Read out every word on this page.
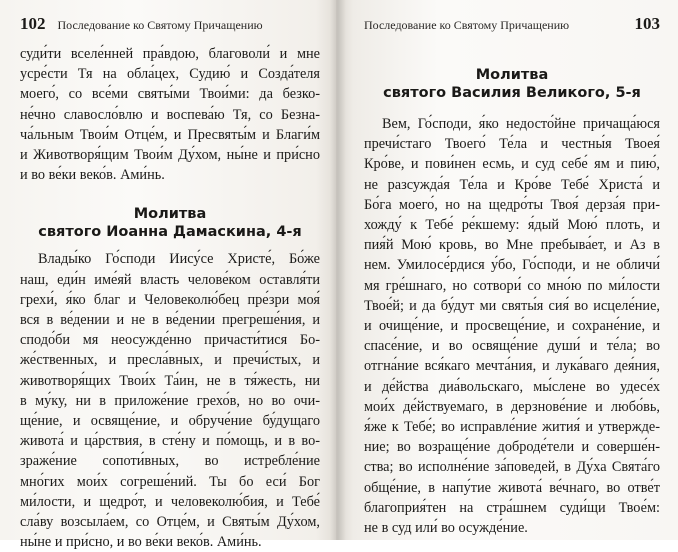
102 Последование ко Святому Причащению
суди́ти вселе́нней пра́вдою, благоволи́ и мне
усре́сти Тя на обла́цех, Судию́ и Созда́теля
моего́, со все́ми святы́ми Твои́ми: да безко-
не́чно славосло́влю и воспева́ю Тя, со Безна-
ча́льным Твои́м Отце́м, и Пресвяты́м и Благи́м
и Животворя́щим Твои́м Ду́хом, ны́не и при́сно
и во ве́ки веко́в. Ами́нь.
Молитва
святого Иоанна Дамаскина, 4-я
Влады́ко Го́споди Иису́се Христе́, Бо́же
наш, еди́н име́яй власть челове́ком оставля́ти
грехи́, я́ко благ и Человеколю́бец пре́зри моя́
вся в ве́дении и не в ве́дении прегреше́ния, и
сподо́би мя неосужде́нно причасти́тися Бо-
же́ственных, и пресла́вных, и пречи́стых, и
животворя́щих Твои́х Та́ин, не в тя́жесть, ни
в му́ку, ни в приложе́ние грехо́в, но во очи-
ще́ние, и освяще́ние, и обруче́ние бу́дущаго
живота́ и ца́рствия, в сте́ну и по́мощь, и в во-
зраже́ние сопоти́вных, во истребле́ние
мно́гих мои́х согреше́ний. Ты бо еси́ Бог
ми́лости, и щедро́т, и человеколю́бия, и Тебе́
сла́ву возсыла́ем, со Отце́м, и Святы́м Ду́хом,
ны́не и при́сно, и во ве́ки веко́в. Ами́нь.
Последование ко Святому Причащению	103
Молитва
святого Василия Великого, 5-я
Вем, Го́споди, я́ко недосто́йне причаща́юся
пречи́стаго Твоего́ Те́ла и честны́я Твоея́
Кро́ве, и пови́нен есмь, и суд себе́ ям и пию́,
не разсужда́я Те́ла и Кро́ве Тебе́ Христа́ и
Бо́га моего́, но на щедро́ты Твоя́ дерза́я при-
хожду́ к Тебе́ ре́кшему: я́дый Мою́ плоть, и
пия́й Мою́ кровь, во Мне пребыва́ет, и Аз в
нем. Умилосе́рдися у́бо, Го́споди, и не обличи́
мя гре́шнаго, но сотвори́ со мно́ю по ми́лости
Твое́й; и да бу́дут ми святы́я сия́ во исцеле́ние,
и очище́ние, и просвеще́ние, и сохране́ние, и
спасе́ние, и во освяще́ние души́ и те́ла; во
отгна́ние вся́каго мечта́ния, и лука́ваго дея́ния,
и де́йства диа́вольскаго, мы́слене во удесе́х
мои́х де́йствуемаго, в дерзнове́ние и любо́вь,
я́же к Тебе́; во исправле́ние жития́ и утвержде-
ние; во возраще́ние доброде́тели и соверше́н-
ства; во исполне́ние за́поведей, в Ду́ха Свята́го
обще́ние, в напу́тие живота́ ве́чнаго, во отве́т
благоприя́тен на стра́шнем суди́щи Твое́м:
не в суд или́ во осужде́ние.
